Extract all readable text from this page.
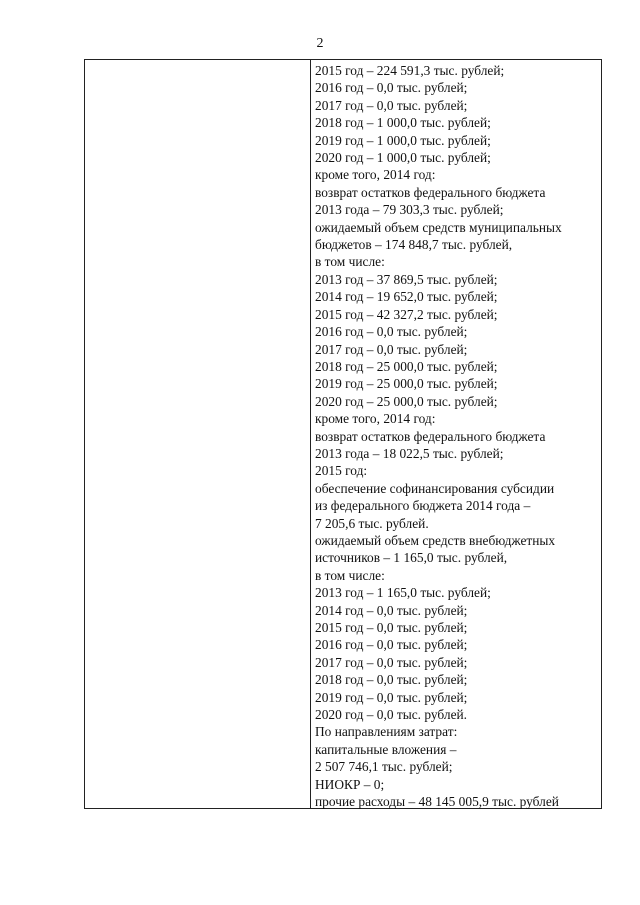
2
2015 год – 224 591,3 тыс. рублей;
2016 год – 0,0 тыс. рублей;
2017 год – 0,0 тыс. рублей;
2018 год – 1 000,0 тыс. рублей;
2019 год – 1 000,0 тыс. рублей;
2020 год – 1 000,0 тыс. рублей;
кроме того, 2014 год:
возврат остатков федерального бюджета
2013 года – 79 303,3 тыс. рублей;
ожидаемый объем средств муниципальных
бюджетов – 174 848,7 тыс. рублей,
в том числе:
2013 год – 37 869,5 тыс. рублей;
2014 год – 19 652,0 тыс. рублей;
2015 год – 42 327,2 тыс. рублей;
2016 год – 0,0 тыс. рублей;
2017 год – 0,0 тыс. рублей;
2018 год – 25 000,0 тыс. рублей;
2019 год – 25 000,0 тыс. рублей;
2020 год – 25 000,0 тыс. рублей;
кроме того, 2014 год:
возврат остатков федерального бюджета
2013 года – 18 022,5 тыс. рублей;
2015 год:
обеспечение софинансирования субсидии
из федерального бюджета 2014 года –
7 205,6 тыс. рублей.
ожидаемый объем средств внебюджетных
источников – 1 165,0 тыс. рублей,
в том числе:
2013 год – 1 165,0 тыс. рублей;
2014 год – 0,0 тыс. рублей;
2015 год – 0,0 тыс. рублей;
2016 год – 0,0 тыс. рублей;
2017 год – 0,0 тыс. рублей;
2018 год – 0,0 тыс. рублей;
2019 год – 0,0 тыс. рублей;
2020 год – 0,0 тыс. рублей.
По направлениям затрат:
капитальные вложения –
2 507 746,1 тыс. рублей;
НИОКР – 0;
прочие расходы – 48 145 005,9 тыс. рублей
